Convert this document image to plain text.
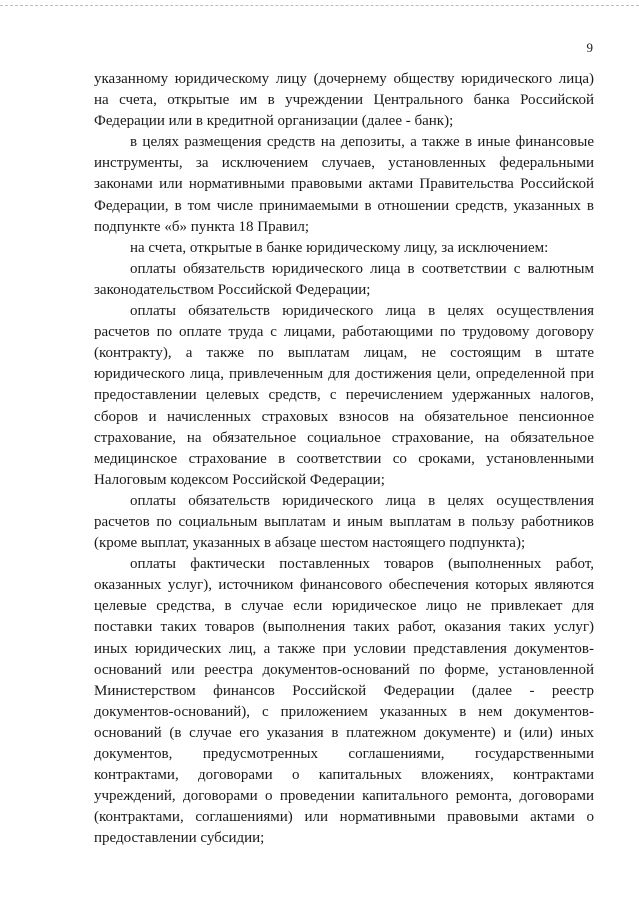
9

указанному юридическому лицу (дочернему обществу юридического лица) на счета, открытые им в учреждении Центрального банка Российской Федерации или в кредитной организации (далее - банк);

в целях размещения средств на депозиты, а также в иные финансовые инструменты, за исключением случаев, установленных федеральными законами или нормативными правовыми актами Правительства Российской Федерации, в том числе принимаемыми в отношении средств, указанных в подпункте «б» пункта 18 Правил;

на счета, открытые в банке юридическому лицу, за исключением:

оплаты обязательств юридического лица в соответствии с валютным законодательством Российской Федерации;

оплаты обязательств юридического лица в целях осуществления расчетов по оплате труда с лицами, работающими по трудовому договору (контракту), а также по выплатам лицам, не состоящим в штате юридического лица, привлеченным для достижения цели, определенной при предоставлении целевых средств, с перечислением удержанных налогов, сборов и начисленных страховых взносов на обязательное пенсионное страхование, на обязательное социальное страхование, на обязательное медицинское страхование в соответствии со сроками, установленными Налоговым кодексом Российской Федерации;

оплаты обязательств юридического лица в целях осуществления расчетов по социальным выплатам и иным выплатам в пользу работников (кроме выплат, указанных в абзаце шестом настоящего подпункта);

оплаты фактически поставленных товаров (выполненных работ, оказанных услуг), источником финансового обеспечения которых являются целевые средства, в случае если юридическое лицо не привлекает для поставки таких товаров (выполнения таких работ, оказания таких услуг) иных юридических лиц, а также при условии представления документов-оснований или реестра документов-оснований по форме, установленной Министерством финансов Российской Федерации (далее - реестр документов-оснований), с приложением указанных в нем документов-оснований (в случае его указания в платежном документе) и (или) иных документов, предусмотренных соглашениями, государственными контрактами, договорами о капитальных вложениях, контрактами учреждений, договорами о проведении капитального ремонта, договорами (контрактами, соглашениями) или нормативными правовыми актами о предоставлении субсидии;
